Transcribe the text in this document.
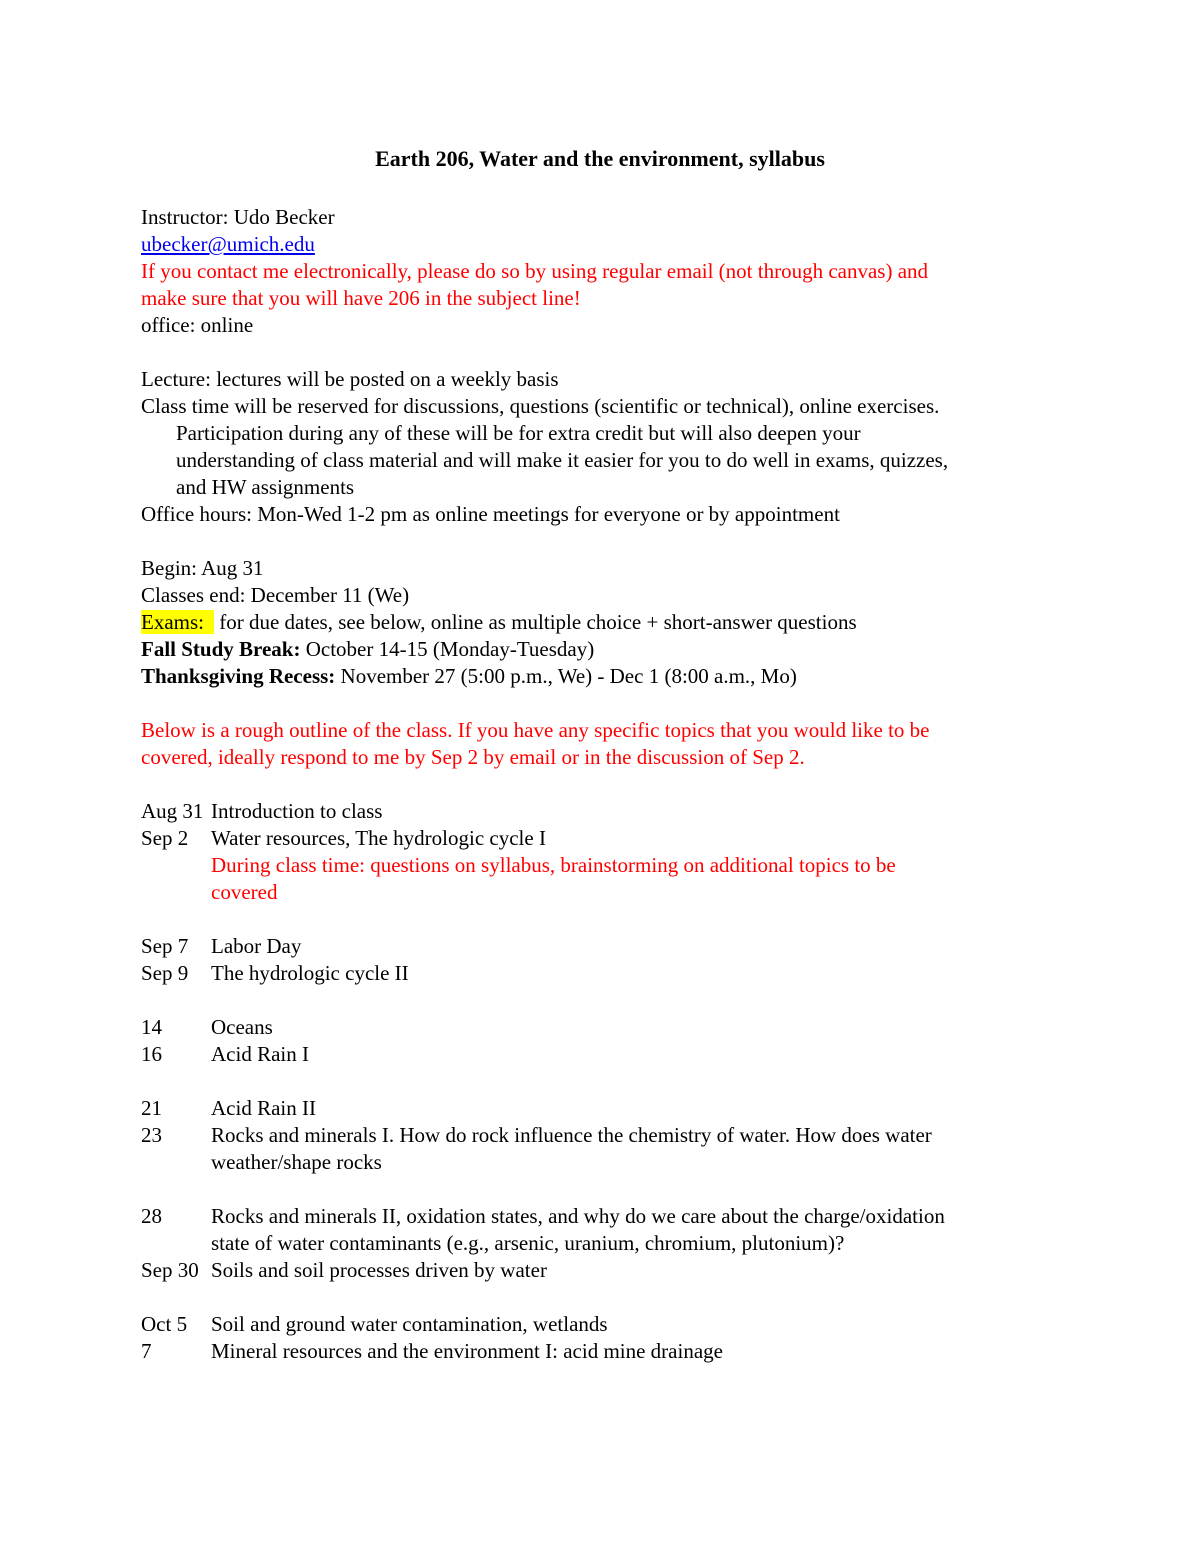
Earth 206, Water and the environment, syllabus
Instructor: Udo Becker
ubecker@umich.edu
If you contact me electronically, please do so by using regular email (not through canvas) and
make sure that you will have 206 in the subject line!
office: online
Lecture: lectures will be posted on a weekly basis
Class time will be reserved for discussions, questions (scientific or technical), online exercises.
Participation during any of these will be for extra credit but will also deepen your
understanding of class material and will make it easier for you to do well in exams, quizzes,
and HW assignments
Office hours: Mon-Wed 1-2 pm as online meetings for everyone or by appointment
Begin: Aug 31
Classes end: December 11 (We)
Exams: for due dates, see below, online as multiple choice + short-answer questions
Fall Study Break: October 14-15 (Monday-Tuesday)
Thanksgiving Recess: November 27 (5:00 p.m., We) - Dec 1 (8:00 a.m., Mo)
Below is a rough outline of the class. If you have any specific topics that you would like to be
covered, ideally respond to me by Sep 2 by email or in the discussion of Sep 2.
Aug 31 Introduction to class
Sep 2	Water resources, The hydrologic cycle I
During class time: questions on syllabus, brainstorming on additional topics to be
covered
Sep 7	Labor Day
Sep 9	The hydrologic cycle II
14	Oceans
16	Acid Rain I
21	Acid Rain II
23	Rocks and minerals I. How do rock influence the chemistry of water. How does water
weather/shape rocks
28	Rocks and minerals II, oxidation states, and why do we care about the charge/oxidation
state of water contaminants (e.g., arsenic, uranium, chromium, plutonium)?
Sep 30 Soils and soil processes driven by water
Oct 5	Soil and ground water contamination, wetlands
7	Mineral resources and the environment I: acid mine drainage
